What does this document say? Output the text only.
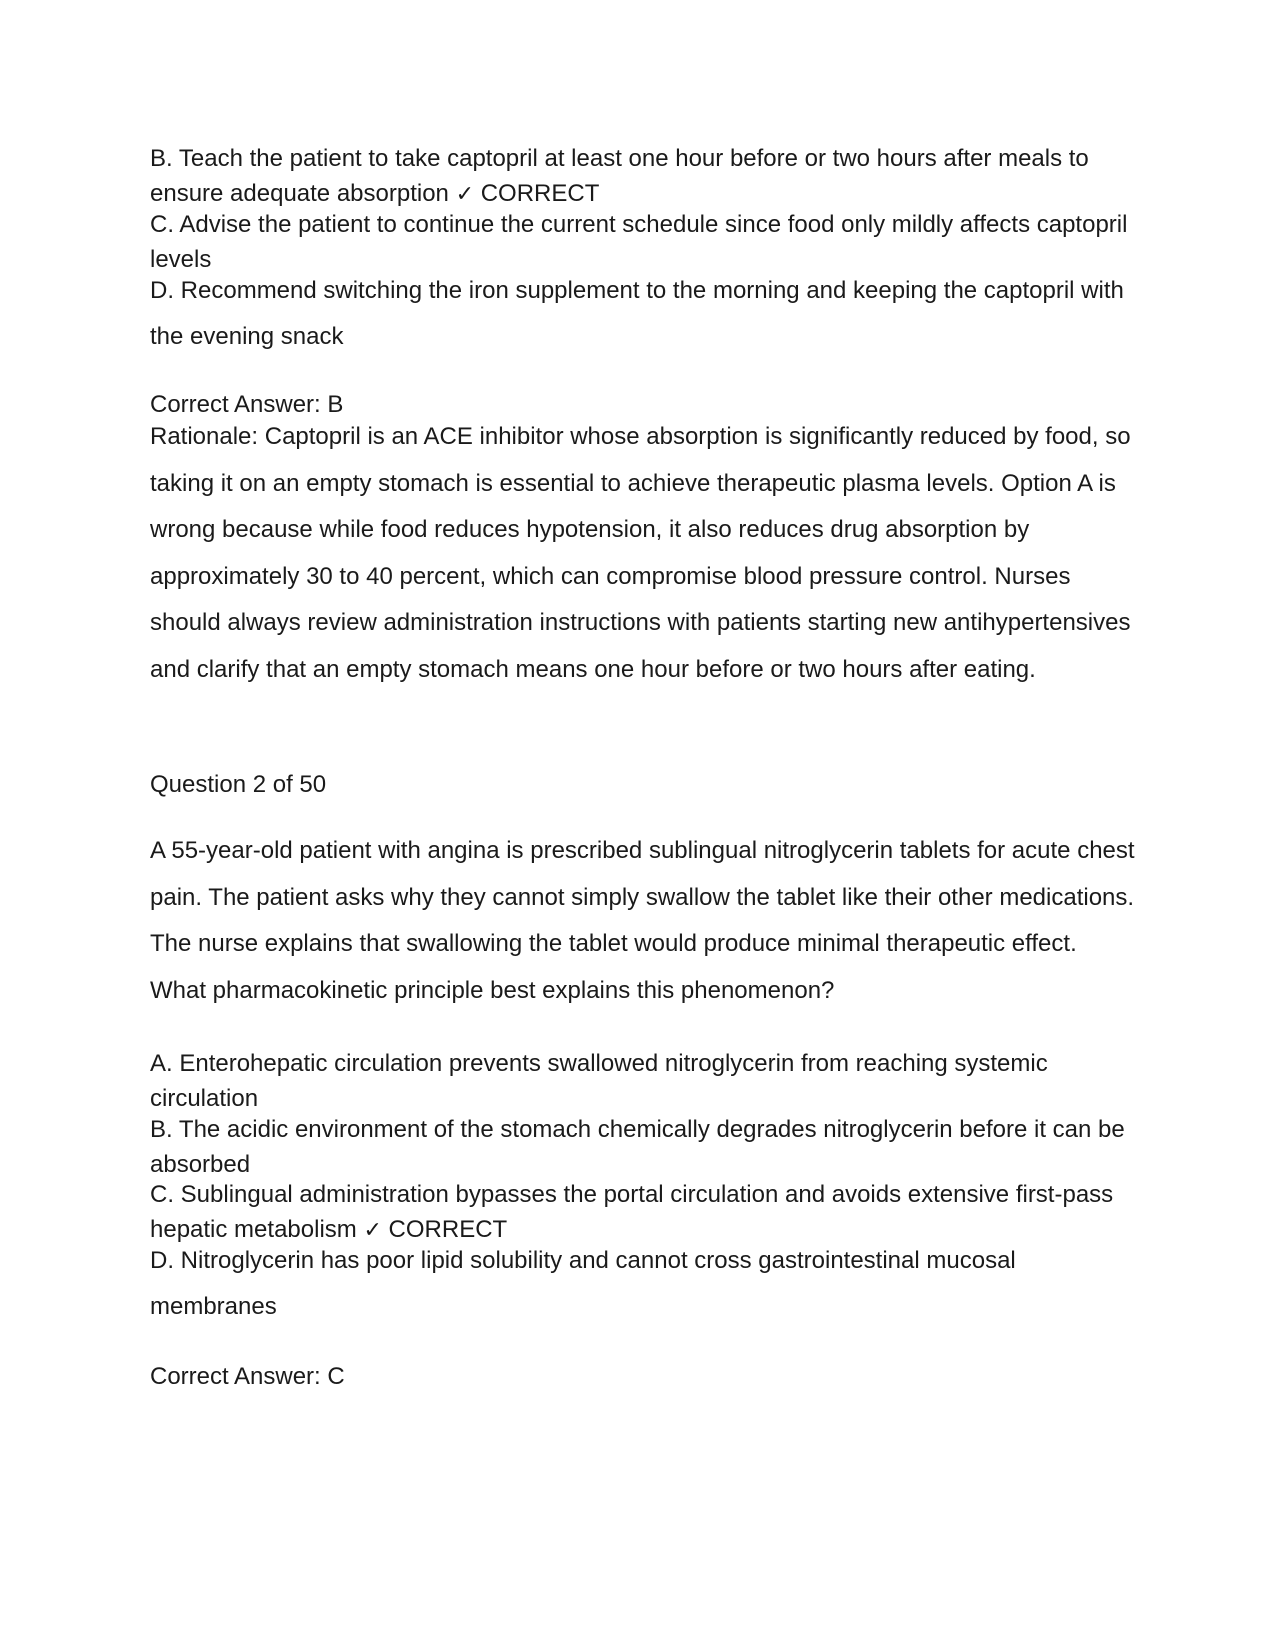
B. Teach the patient to take captopril at least one hour before or two hours after meals to ensure adequate absorption ✓ CORRECT

C. Advise the patient to continue the current schedule since food only mildly affects captopril levels

D. Recommend switching the iron supplement to the morning and keeping the captopril with the evening snack

Correct Answer: B

Rationale: Captopril is an ACE inhibitor whose absorption is significantly reduced by food, so taking it on an empty stomach is essential to achieve therapeutic plasma levels. Option A is wrong because while food reduces hypotension, it also reduces drug absorption by approximately 30 to 40 percent, which can compromise blood pressure control. Nurses should always review administration instructions with patients starting new antihypertensives and clarify that an empty stomach means one hour before or two hours after eating.

Question 2 of 50

A 55-year-old patient with angina is prescribed sublingual nitroglycerin tablets for acute chest pain. The patient asks why they cannot simply swallow the tablet like their other medications. The nurse explains that swallowing the tablet would produce minimal therapeutic effect. What pharmacokinetic principle best explains this phenomenon?

A. Enterohepatic circulation prevents swallowed nitroglycerin from reaching systemic circulation

B. The acidic environment of the stomach chemically degrades nitroglycerin before it can be absorbed

C. Sublingual administration bypasses the portal circulation and avoids extensive first-pass hepatic metabolism ✓ CORRECT

D. Nitroglycerin has poor lipid solubility and cannot cross gastrointestinal mucosal membranes

Correct Answer: C
